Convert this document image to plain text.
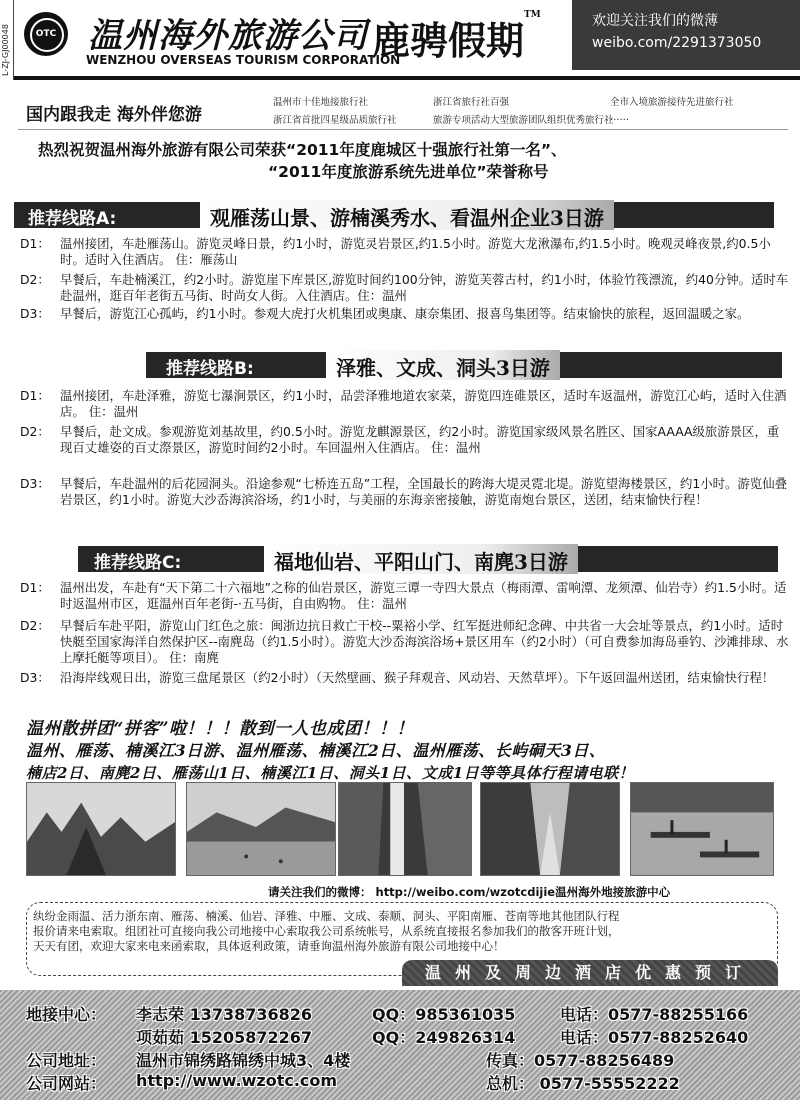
L-ZJ-GJ00048	OTC 温州海外旅游公司
WENZHOU OVERSEAS TOURISM CORPORATION
鹿骋假期™	欢迎关注我们的微薄
weibo.com/2291373050
国内跟我走 海外伴您游
温州市十佳地接旅行社	浙江省旅行社百强	全市入境旅游接待先进旅行社
浙江省首批四星级品质旅行社	旅游专项活动大型旅游团队组织优秀旅行社
……
热烈祝贺温州海外旅游有限公司荣获“2011年度鹿城区十强旅行社第一名”、
“2011年度旅游系统先进单位”荣誉称号
推荐线路A:	观雁荡山景、游楠溪秀水、看温州企业3日游
D1： 温州接团，车赴雁荡山。游览灵峰日景，约1小时，游览灵岩景区,约1.5小时。游览大龙湫瀑布,约1.5小时。晚观灵峰夜景,约0.5小时。适时入住酒店。 住：雁荡山
D2： 早餐后，车赴楠溪江，约2小时。游览崖下库景区,游览时间约100分钟，游览芙蓉古村，约1小时，体验竹筏漂流，约40分钟。适时车赴温州，逛百年老街五马街、时尚女人街。入住酒店。住：温州
D3： 早餐后，游览江心孤屿，约1小时。参观大虎打火机集团或奥康、康奈集团、报喜鸟集团等。结束愉快的旅程，返回温暖之家。
推荐线路B:	泽雅、文成、洞头3日游
D1： 温州接团，车赴泽雅，游览七瀑涧景区，约1小时，品尝泽雅地道农家菜，游览四连碓景区，适时车返温州，游览江心屿，适时入住酒店。 住：温州
D2： 早餐后，赴文成。参观游览刘基故里，约0.5小时。游览龙麒源景区，约2小时。游览国家级风景名胜区、国家AAAA级旅游景区，重现百丈雄姿的百丈漈景区，游览时间约2小时。车回温州入住酒店。 住：温州
D3： 早餐后，车赴温州的后花园洞头。沿途参观“七桥连五岛”工程，全国最长的跨海大堤灵霓北堤。游览望海楼景区，约1小时。游览仙叠岩景区，约1小时。游览大沙岙海滨浴场，约1小时，与美丽的东海亲密接触，游览南炮台景区，送团，结束愉快行程！
推荐线路C:	福地仙岩、平阳山门、南麂3日游
D1： 温州出发，车赴有“天下第二十六福地”之称的仙岩景区，游览三谭一寺四大景点（梅雨潭、雷响潭、龙须潭、仙岩寺）约1.5小时。适时返温州市区，逛温州百年老街-·五马街，自由购物。 住：温州
D2： 早餐后车赴平阳，游览山门红色之旅：闽浙边抗日救亡干校--粟裕小学、红军挺进师纪念碑、中共省一大会址等景点，约1小时。适时快艇至国家海洋自然保护区--南麂岛（约1.5小时）。游览大沙岙海滨浴场+景区用车（约2小时）（可自费参加海岛垂钓、沙滩排球、水上摩托艇等项目）。 住：南麂
D3： 沿海岸线观日出，游览三盘尾景区（约2小时）（天然壁画、猴子拜观音、风动岩、天然草坪）。下午返回温州送团，结束愉快行程！
温州散拼团“拼客”啦！！！散到一人也成团！！！
温州、雁荡、楠溪江3日游、温州雁荡、楠溪江2日、温州雁荡、长屿硐天3日、
楠店2日、南麂2日、雁荡山1日、楠溪江1日、洞头1日、文成1日等等具体行程请电联！
请关注我们的微博： http://weibo.com/wzotcdijie温州海外地接旅游中心
纨纷金雨温、活力浙东南、雁荡、楠溪、仙岩、泽雅、中雁、文成、泰顺、洞头、平阳南雁、苍南等地其他团队行程
报价请来电索取。组团社可直接向我公司地接中心索取我公司系统帐号，从系统直接报名参加我们的散客开班计划，
天天有团，欢迎大家来电来函索取，具体返利政策，请垂询温州海外旅游有限公司地接中心！
温州及周边酒店优惠预订
地接中心： 李志荣 13738736826	QQ：985361035	电话：0577-88255166
项茹茹 15205872267	QQ：249826314	电话：0577-88252640
公司地址： 温州市锦绣路锦绣中城3、4楼	传真：0577-88256489
公司网站： http://www.wzotc.com	总机： 0577-55552222
